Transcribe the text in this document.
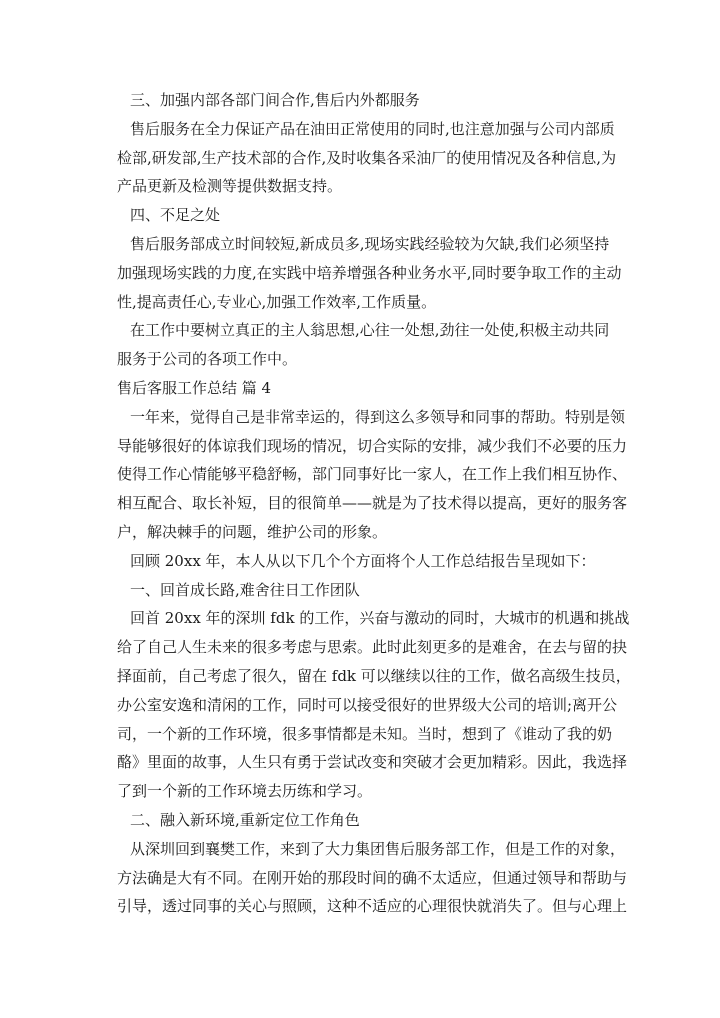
三、加强内部各部门间合作,售后内外都服务
售后服务在全力保证产品在油田正常使用的同时,也注意加强与公司内部质
检部,研发部,生产技术部的合作,及时收集各采油厂的使用情况及各种信息,为
产品更新及检测等提供数据支持。
四、不足之处
售后服务部成立时间较短,新成员多,现场实践经验较为欠缺,我们必须坚持
加强现场实践的力度,在实践中培养增强各种业务水平,同时要争取工作的主动
性,提高责任心,专业心,加强工作效率,工作质量。
在工作中要树立真正的主人翁思想,心往一处想,劲往一处使,积极主动共同
服务于公司的各项工作中。
售后客服工作总结 篇 4
一年来，觉得自己是非常幸运的，得到这么多领导和同事的帮助。特别是领
导能够很好的体谅我们现场的情况，切合实际的安排，减少我们不必要的压力
使得工作心情能够平稳舒畅，部门同事好比一家人，在工作上我们相互协作、
相互配合、取长补短，目的很简单——就是为了技术得以提高，更好的服务客
户，解决棘手的问题，维护公司的形象。
回顾 20xx 年，本人从以下几个个方面将个人工作总结报告呈现如下：
一、回首成长路,难舍往日工作团队
回首 20xx 年的深圳 fdk 的工作，兴奋与激动的同时，大城市的机遇和挑战
给了自己人生未来的很多考虑与思索。此时此刻更多的是难舍，在去与留的抉
择面前，自己考虑了很久，留在 fdk 可以继续以往的工作，做名高级生技员，
办公室安逸和清闲的工作，同时可以接受很好的世界级大公司的培训;离开公
司，一个新的工作环境，很多事情都是未知。当时，想到了《谁动了我的奶
酪》里面的故事，人生只有勇于尝试改变和突破才会更加精彩。因此，我选择
了到一个新的工作环境去历练和学习。
二、融入新环境,重新定位工作角色
从深圳回到襄樊工作，来到了大力集团售后服务部工作，但是工作的对象，
方法确是大有不同。在刚开始的那段时间的确不太适应，但通过领导和帮助与
引导，透过同事的关心与照顾，这种不适应的心理很快就消失了。但与心理上
